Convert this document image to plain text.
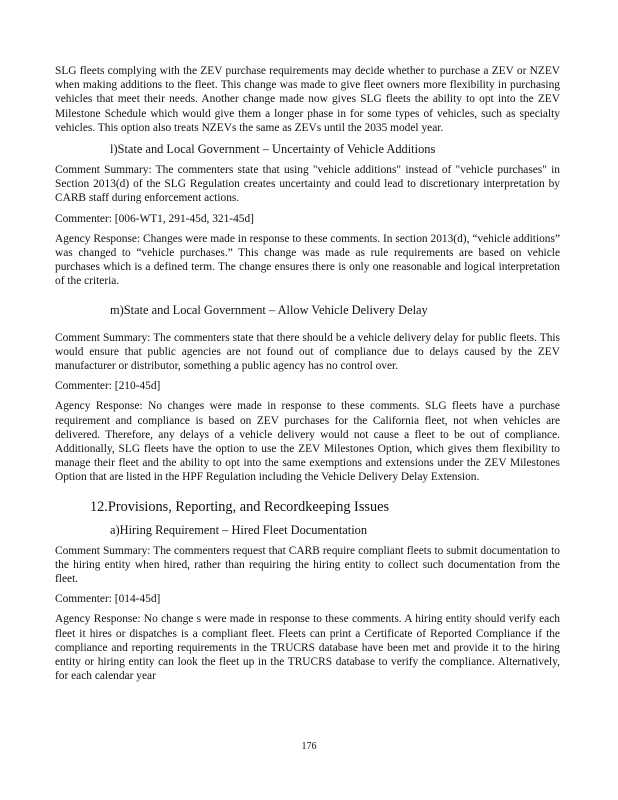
SLG fleets complying with the ZEV purchase requirements may decide whether to purchase a ZEV or NZEV when making additions to the fleet. This change was made to give fleet owners more flexibility in purchasing vehicles that meet their needs. Another change made now gives SLG fleets the ability to opt into the ZEV Milestone Schedule which would give them a longer phase in for some types of vehicles, such as specialty vehicles. This option also treats NZEVs the same as ZEVs until the 2035 model year.

l)State and Local Government – Uncertainty of Vehicle Additions

Comment Summary: The commenters state that using "vehicle additions" instead of "vehicle purchases" in Section 2013(d) of the SLG Regulation creates uncertainty and could lead to discretionary interpretation by CARB staff during enforcement actions.

Commenter: [006-WT1, 291-45d, 321-45d]

Agency Response: Changes were made in response to these comments. In section 2013(d), “vehicle additions” was changed to “vehicle purchases.” This change was made as rule requirements are based on vehicle purchases which is a defined term. The change ensures there is only one reasonable and logical interpretation of the criteria.

m)State and Local Government – Allow Vehicle Delivery Delay

Comment Summary: The commenters state that there should be a vehicle delivery delay for public fleets. This would ensure that public agencies are not found out of compliance due to delays caused by the ZEV manufacturer or distributor, something a public agency has no control over.

Commenter: [210-45d]

Agency Response: No changes were made in response to these comments. SLG fleets have a purchase requirement and compliance is based on ZEV purchases for the California fleet, not when vehicles are delivered. Therefore, any delays of a vehicle delivery would not cause a fleet to be out of compliance. Additionally, SLG fleets have the option to use the ZEV Milestones Option, which gives them flexibility to manage their fleet and the ability to opt into the same exemptions and extensions under the ZEV Milestones Option that are listed in the HPF Regulation including the Vehicle Delivery Delay Extension.

12.Provisions, Reporting, and Recordkeeping Issues
a)Hiring Requirement – Hired Fleet Documentation

Comment Summary: The commenters request that CARB require compliant fleets to submit documentation to the hiring entity when hired, rather than requiring the hiring entity to collect such documentation from the fleet.

Commenter: [014-45d]

Agency Response: No change s were made in response to these comments. A hiring entity should verify each fleet it hires or dispatches is a compliant fleet. Fleets can print a Certificate of Reported Compliance if the compliance and reporting requirements in the TRUCRS database have been met and provide it to the hiring entity or hiring entity can look the fleet up in the TRUCRS database to verify the compliance. Alternatively, for each calendar year

176
